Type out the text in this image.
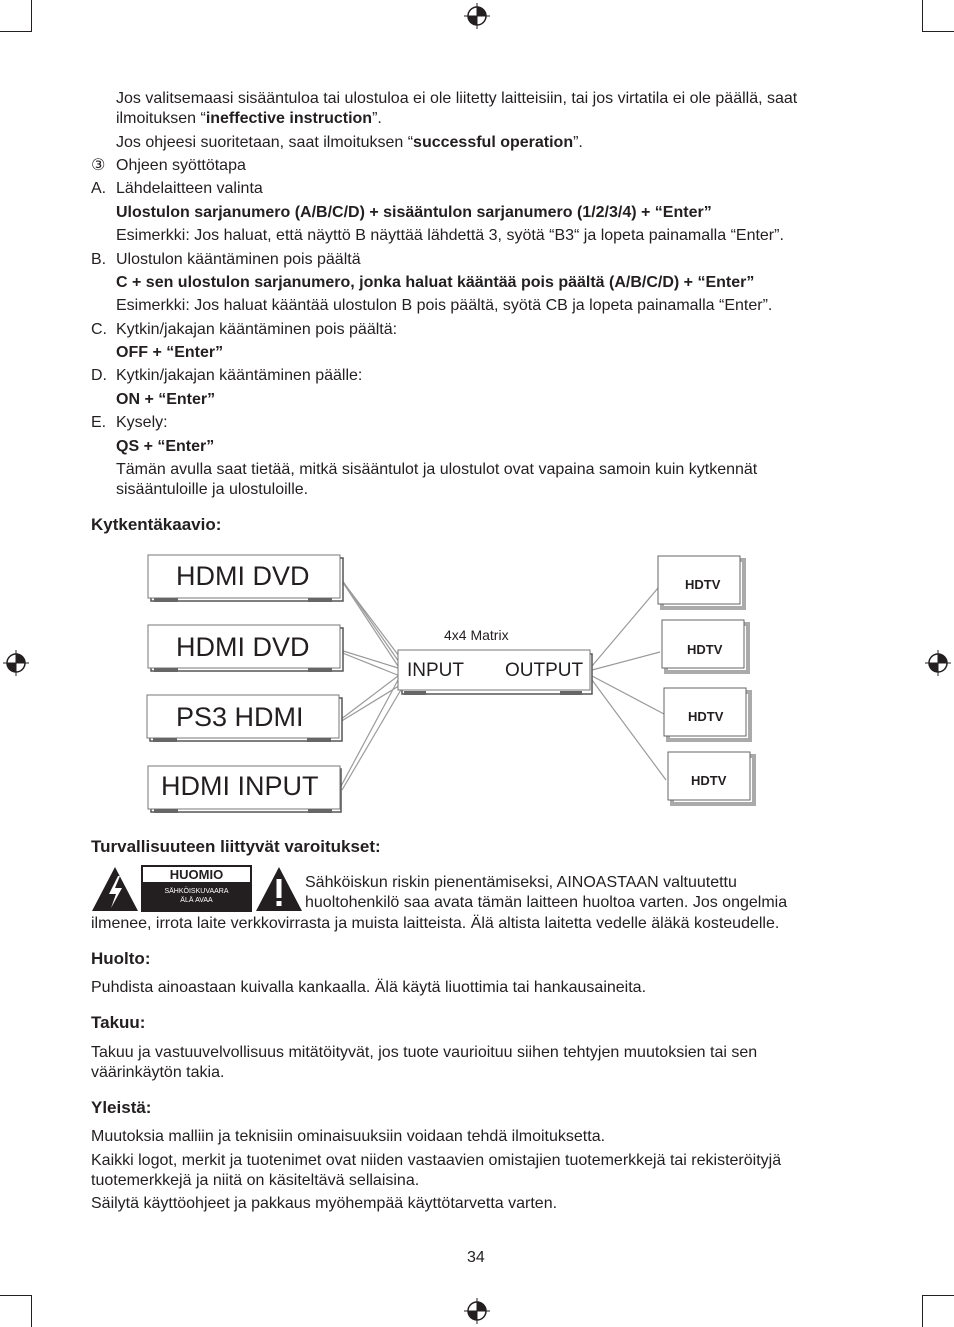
Jos valitsemaasi sisääntuloa tai ulostuloa ei ole liitetty laitteisiin, tai jos virtatila ei ole päällä, saat
ilmoituksen “ineffective instruction”.
Jos ohjeesi suoritetaan, saat ilmoituksen “successful operation”.
③ Ohjeen syöttötapa
A. Lähdelaitteen valinta
Ulostulon sarjanumero (A/B/C/D) + sisääntulon sarjanumero (1/2/3/4) + “Enter”
Esimerkki: Jos haluat, että näyttö B näyttää lähdettä 3, syötä “B3“ ja lopeta painamalla “Enter”.
B. Ulostulon kääntäminen pois päältä
C + sen ulostulon sarjanumero, jonka haluat kääntää pois päältä (A/B/C/D) + “Enter”
Esimerkki: Jos haluat kääntää ulostulon B pois päältä, syötä CB ja lopeta painamalla “Enter”.
C. Kytkin/jakajan kääntäminen pois päältä:
OFF + “Enter”
D. Kytkin/jakajan kääntäminen päälle:
ON + “Enter”
E. Kysely:
QS + “Enter”
Tämän avulla saat tietää, mitkä sisääntulot ja ulostulot ovat vapaina samoin kuin kytkennät
sisääntuloille ja ulostuloille.
Kytkentäkaavio:
HDMI DVD
HDMI DVD
PS3 HDMI
HDMI INPUT
4x4 Matrix
INPUT OUTPUT
HDTV
HDTV
HDTV
HDTV
Turvallisuuteen liittyvät varoitukset:
HUOMIO
SÄHKÖISKUVAARA
ÄLÄ AVAA
Sähköiskun riskin pienentämiseksi, AINOASTAAN valtuutettu
huoltohenkilö saa avata tämän laitteen huoltoa varten. Jos ongelmia
ilmenee, irrota laite verkkovirrasta ja muista laitteista. Älä altista laitetta vedelle äläkä kosteudelle.
Huolto:
Puhdista ainoastaan kuivalla kankaalla. Älä käytä liuottimia tai hankausaineita.
Takuu:
Takuu ja vastuuvelvollisuus mitätöityvät, jos tuote vaurioituu siihen tehtyjen muutoksien tai sen
väärinkäytön takia.
Yleistä:
Muutoksia malliin ja teknisiin ominaisuuksiin voidaan tehdä ilmoituksetta.
Kaikki logot, merkit ja tuotenimet ovat niiden vastaavien omistajien tuotemerkkejä tai rekisteröityjä
tuotemerkkejä ja niitä on käsiteltävä sellaisina.
Säilytä käyttöohjeet ja pakkaus myöhempää käyttötarvetta varten.
34
